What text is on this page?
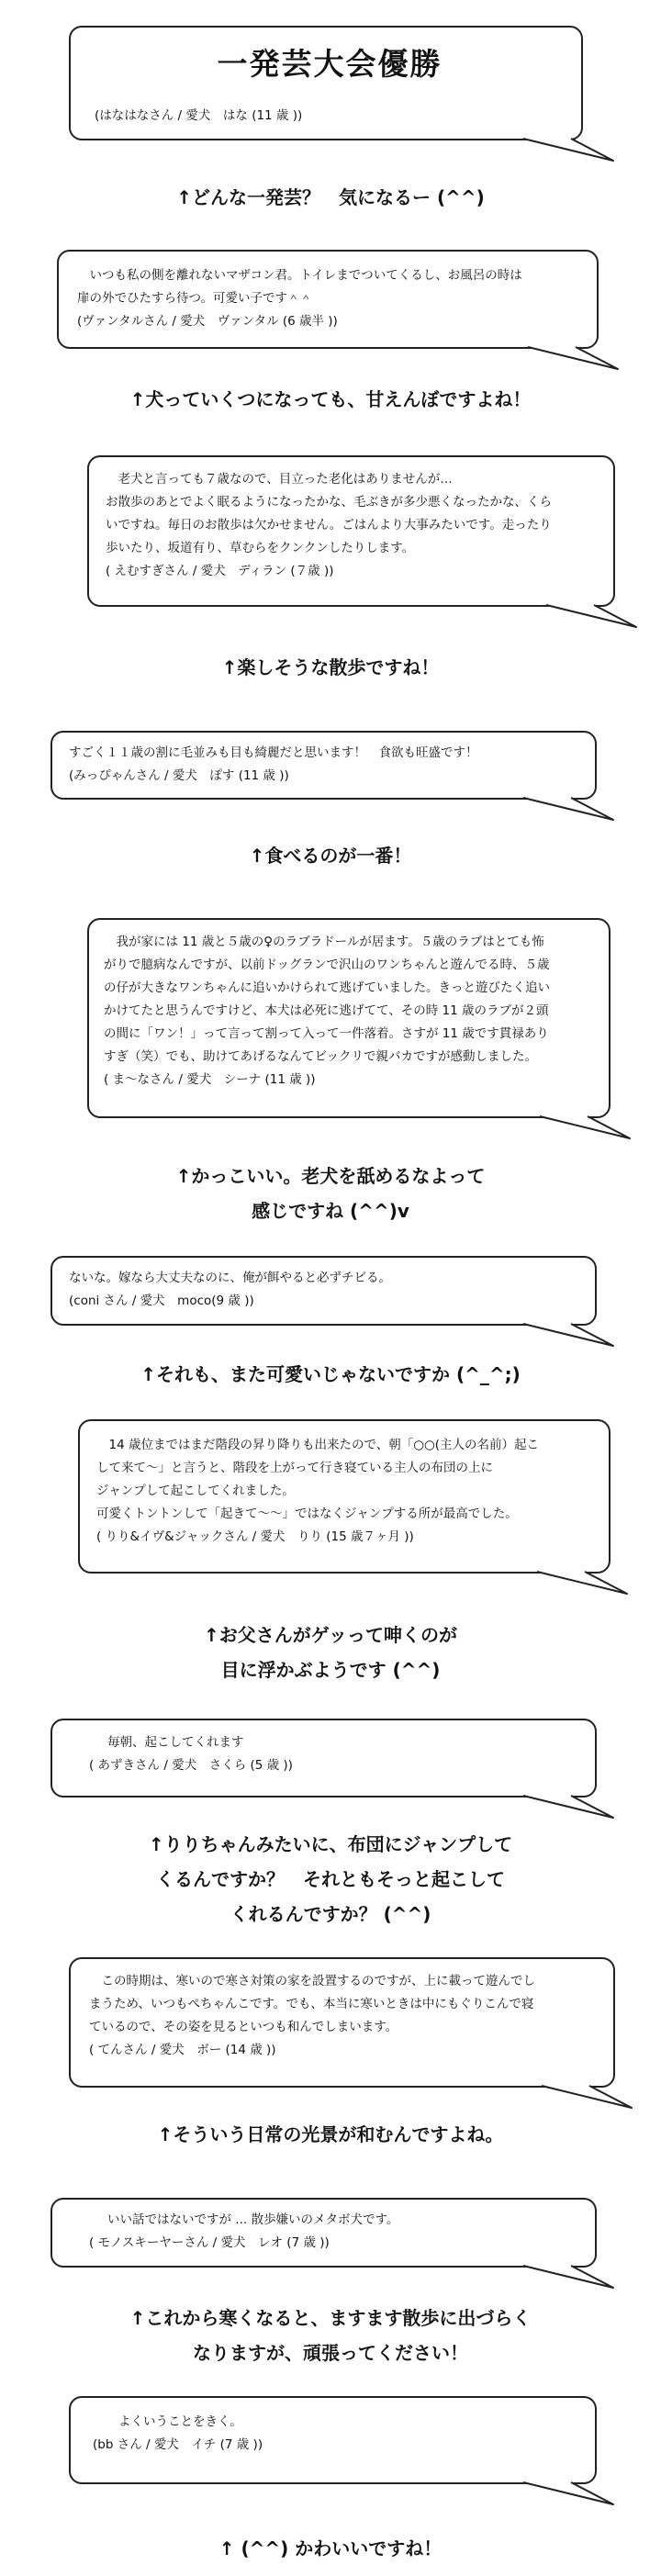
一発芸大会優勝

(はなはなさん / 愛犬　はな (11 歳 ))

↑どんな一発芸？　気になるー (^^)

　いつも私の側を離れないマザコン君。トイレまでついてくるし、お風呂の時は
扉の外でひたすら待つ。可愛い子です＾＾

(ヴァンタルさん / 愛犬　ヴァンタル (6 歳半 ))

↑犬っていくつになっても、甘えんぼですよね！

　老犬と言っても７歳なので、目立った老化はありませんが…
お散歩のあとでよく眠るようになったかな、毛ぶきが多少悪くなったかな、くら
いですね。毎日のお散歩は欠かせません。ごはんより大事みたいです。走ったり
歩いたり、坂道有り、草むらをクンクンしたりします。

( えむすぎさん / 愛犬　ディラン (７歳 ))

↑楽しそうな散歩ですね！

すごく１１歳の割に毛並みも目も綺麗だと思います！　食欲も旺盛です！

(みっぴゃんさん / 愛犬　ぽす (11 歳 ))

↑食べるのが一番！

　我が家には 11 歳と５歳の♀のラブラドールが居ます。５歳のラブはとても怖
がりで臆病なんですが、以前ドッグランで沢山のワンちゃんと遊んでる時、５歳
の仔が大きなワンちゃんに追いかけられて逃げていました。きっと遊びたく追い
かけてたと思うんですけど、本犬は必死に逃げてて、その時 11 歳のラブが２頭
の間に「ワン！」って言って割って入って一件落着。さすが 11 歳です貫禄あり
すぎ（笑）でも、助けてあげるなんてビックリで親バカですが感動しました。

( ま～なさん / 愛犬　シーナ (11 歳 ))

↑かっこいい。老犬を舐めるなよって
感じですね (^^)v

ないな。嫁なら大丈夫なのに、俺が餌やると必ずチビる。

(coni さん / 愛犬　moco(9 歳 ))

↑それも、また可愛いじゃないですか (^_^;)

　14 歳位まではまだ階段の昇り降りも出来たので、朝「○○(主人の名前）起こ
して来て～」と言うと、階段を上がって行き寝ている主人の布団の上に
ジャンプして起こしてくれました。
可愛くトントンして「起きて～～」ではなくジャンプする所が最高でした。

( りり&イヴ&ジャックさん / 愛犬　りり (15 歳７ヶ月 ))

↑お父さんがゲッって呻くのが
目に浮かぶようです (^^)

毎朝、起こしてくれます

( あずきさん / 愛犬　さくら (5 歳 ))

↑りりちゃんみたいに、布団にジャンプして
くるんですか？　それともそっと起こして
くれるんですか？ (^^)

　この時期は、寒いので寒さ対策の家を設置するのですが、上に載って遊んでし
まうため、いつもぺちゃんこです。でも、本当に寒いときは中にもぐりこんで寝
ているので、その姿を見るといつも和んでしまいます。

( てんさん / 愛犬　ボー (14 歳 ))

↑そういう日常の光景が和むんですよね。

いい話ではないですが ... 散歩嫌いのメタボ犬です。

( モノスキーヤーさん / 愛犬　レオ (7 歳 ))

↑これから寒くなると、ますます散歩に出づらく
なりますが、頑張ってください！

よくいうことをきく。

(bb さん / 愛犬　イチ (7 歳 ))

↑ (^^) かわいいですね！
